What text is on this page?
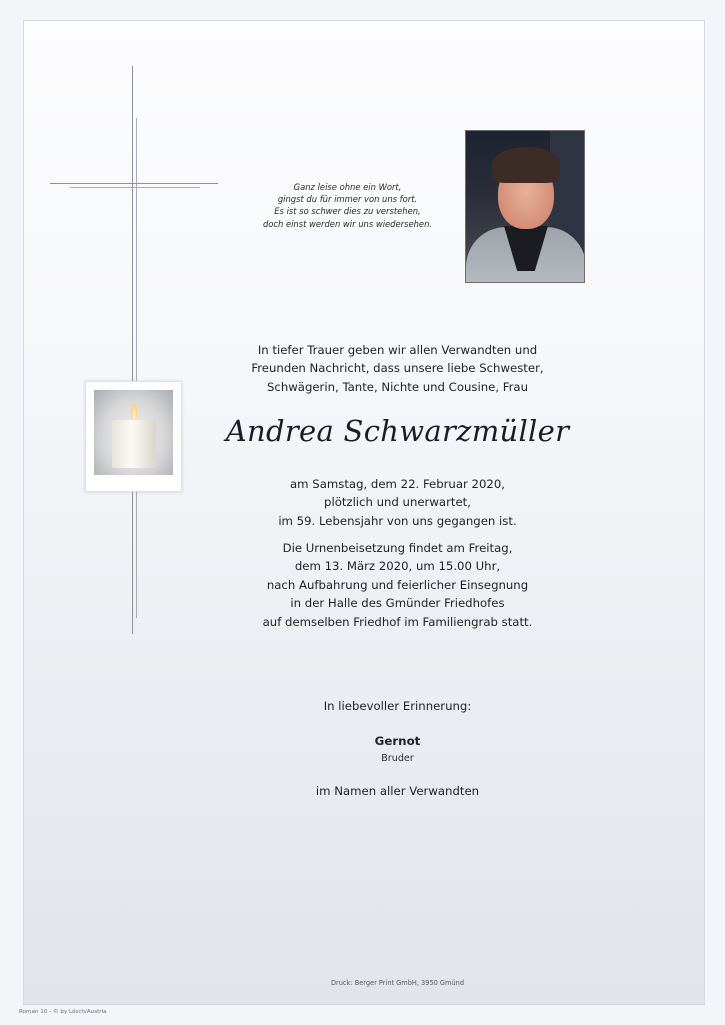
Ganz leise ohne ein Wort,
gingst du für immer von uns fort.
Es ist so schwer dies zu verstehen,
doch einst werden wir uns wiedersehen.
In tiefer Trauer geben wir allen Verwandten und
Freunden Nachricht, dass unsere liebe Schwester,
Schwägerin, Tante, Nichte und Cousine, Frau
Andrea Schwarzmüller
am Samstag, dem 22. Februar 2020,
plötzlich und unerwartet,
im 59. Lebensjahr von uns gegangen ist.
Die Urnenbeisetzung findet am Freitag,
dem 13. März 2020, um 15.00 Uhr,
nach Aufbahrung und feierlicher Einsegnung
in der Halle des Gmünder Friedhofes
auf demselben Friedhof im Familiengrab statt.
In liebevoller Erinnerung:
Gernot
Bruder
im Namen aller Verwandten
Druck: Berger Print GmbH, 3950 Gmünd
Roman 10 - © by Lösch/Austria
